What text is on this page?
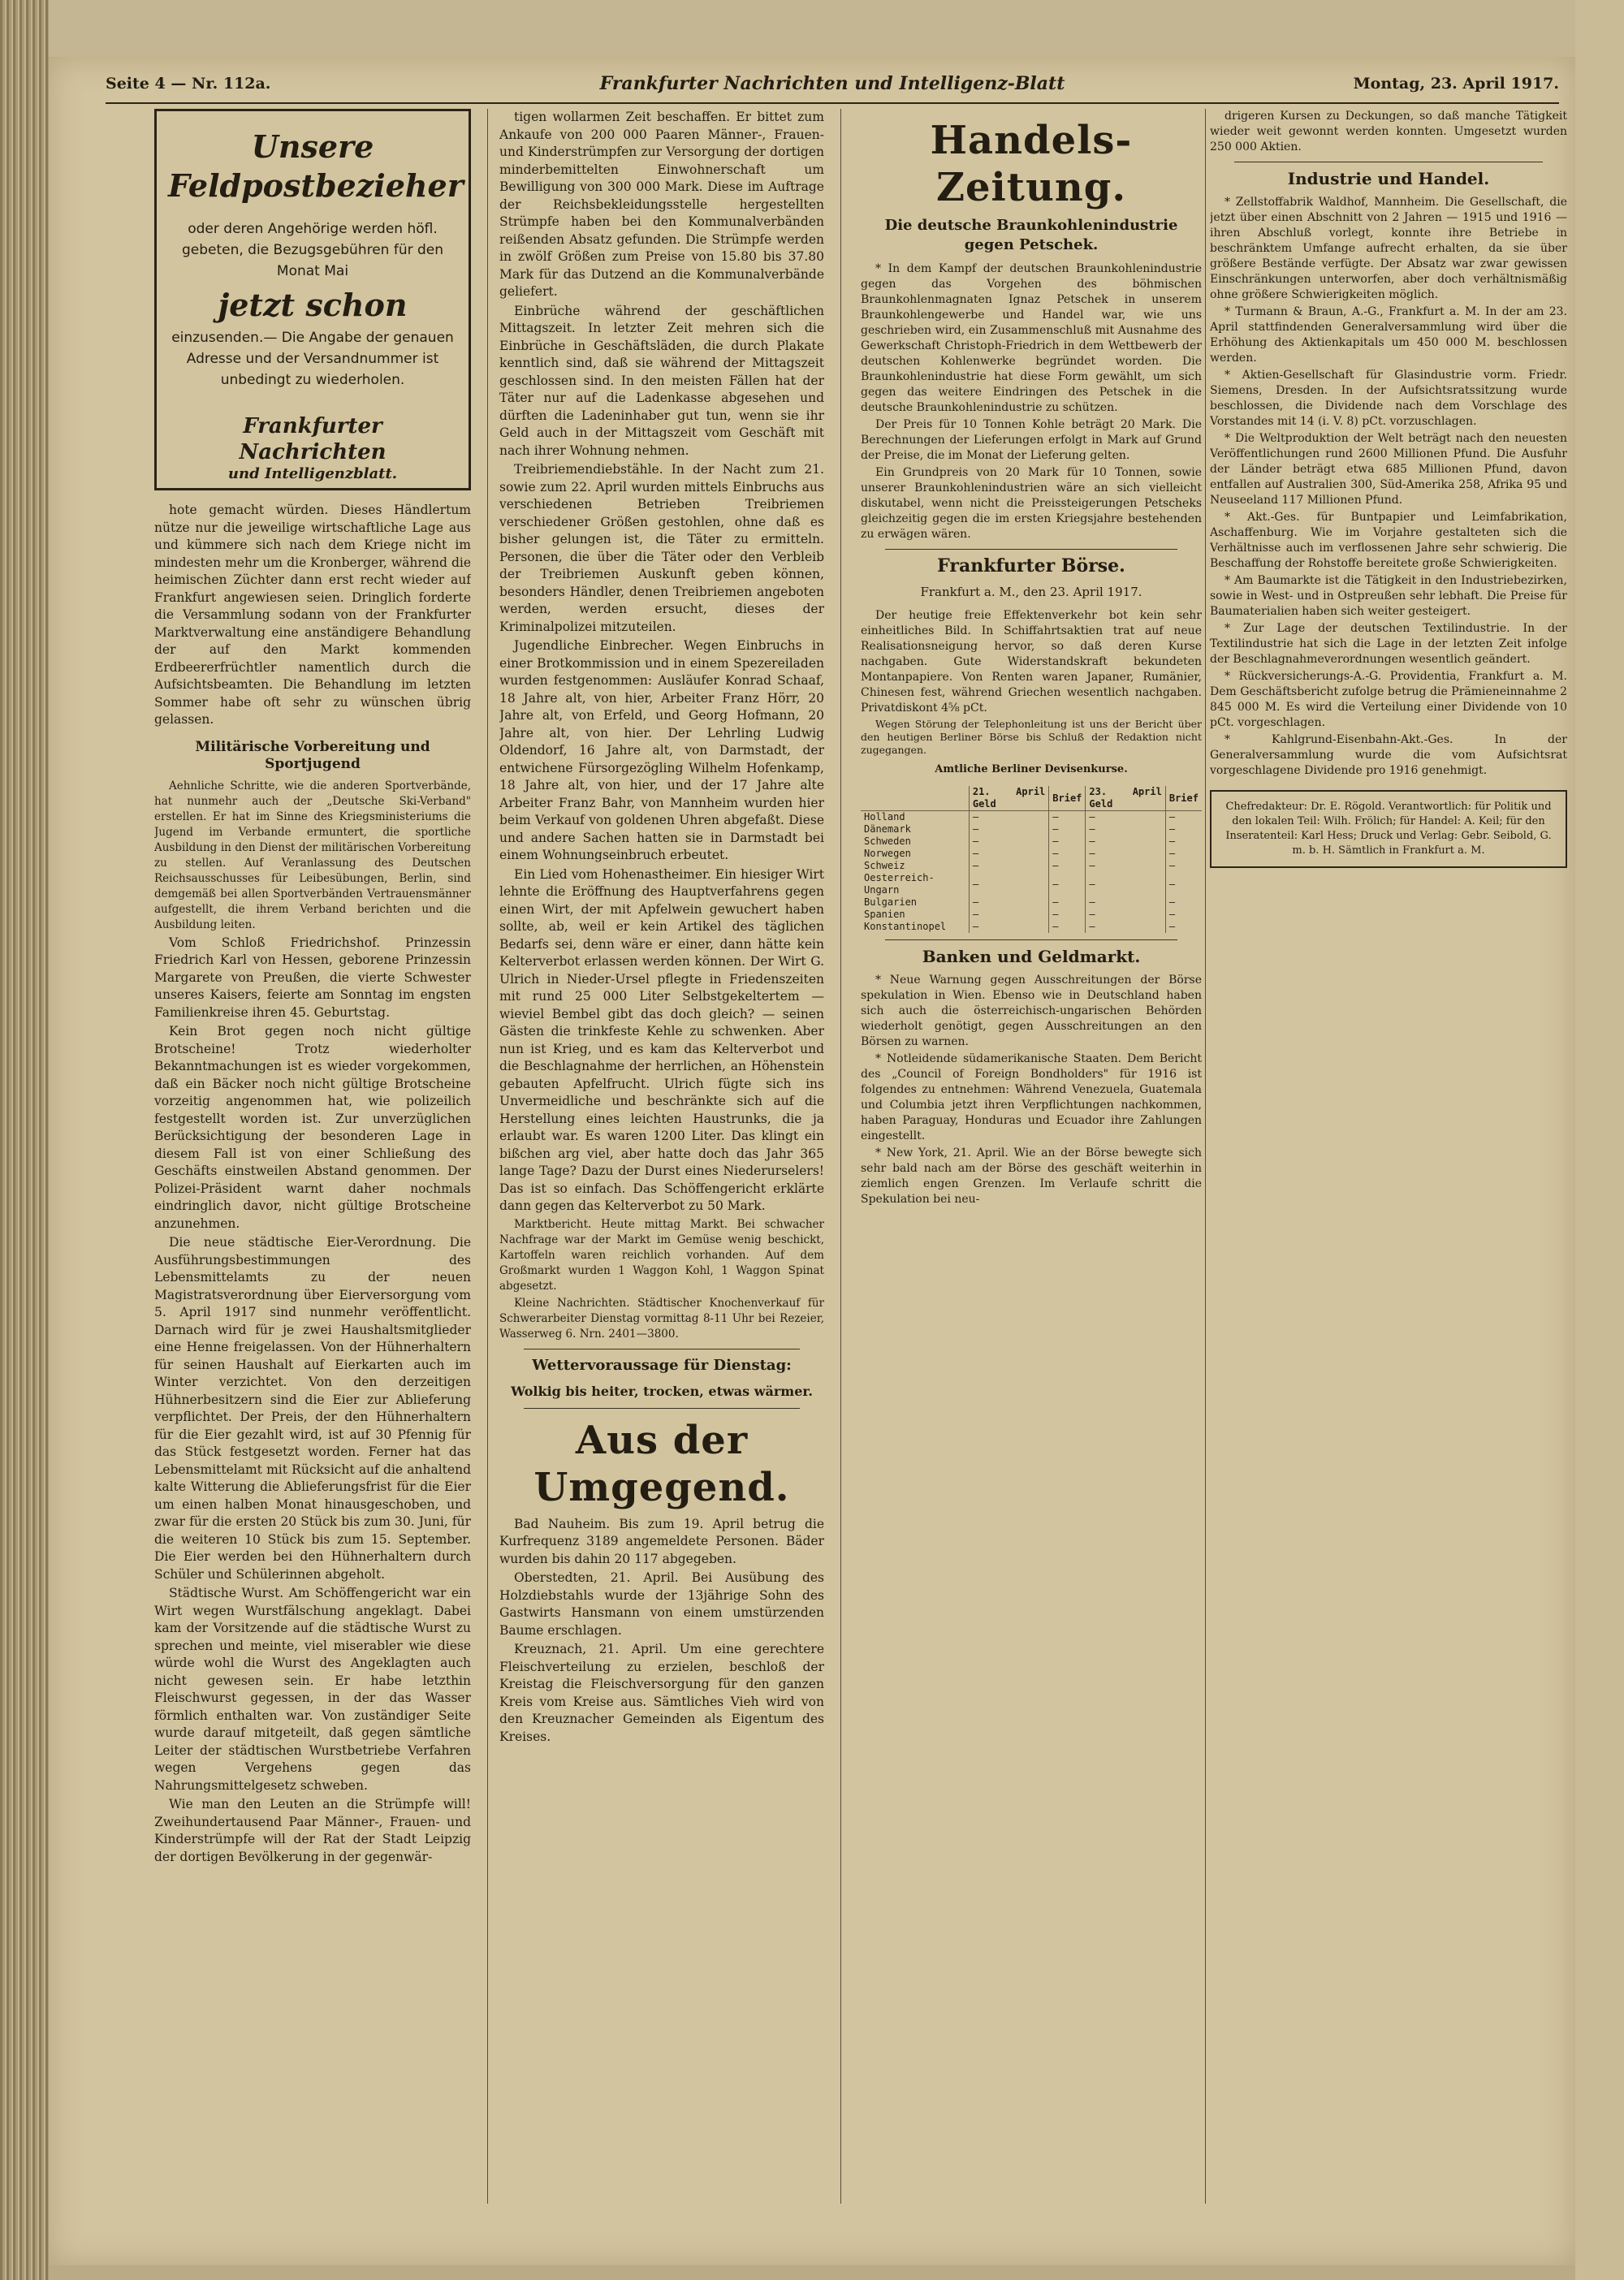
Seite 4 — Nr. 112a.	Frankfurter Nachrichten und Intelligenz-Blatt	Montag, 23. April 1917.
Unsere Feldpostbezieher
oder deren Angehörige werden höfl. gebeten, die Bezugsgebühren für den Monat Mai
jetzt schon
einzusenden.— Die Angabe der genauen Adresse und der Versandnummer ist unbedingt zu wiederholen.
Frankfurter Nachrichten
und Intelligenzblatt.

hote gemacht würden. Dieses Händlertum nütze nur die jeweilige wirtschaftliche Lage aus und kümmere sich nach dem Kriege nicht im mindesten mehr um die Kronberger, während die heimischen Züchter dann erst recht wieder auf Frankfurt angewiesen seien. Dringlich forderte die Versammlung sodann von der Frankfurter Marktverwaltung eine anständigere Behandlung der auf den Markt kommenden Erdbeererfrüchtler namentlich durch die Aufsichtsbeamten. Die Behandlung im letzten Sommer habe oft sehr zu wünschen übrig gelassen.

Militärische Vorbereitung und Sportjugend

Aehnliche Schritte, wie die anderen Sportverbände, hat nunmehr auch der „Deutsche Ski-Verband" erstellen. Er hat im Sinne des Kriegsministeriums die Jugend im Verbande ermuntert, die sportliche Ausbildung in den Dienst der militärischen Vorbereitung zu stellen. Auf Veranlassung des Deutschen Reichsausschusses für Leibesübungen, Berlin, sind demgemäß bei allen Sportverbänden Vertrauensmänner aufgestellt, die ihrem Verband berichten und die Ausbildung leiten.

Vom Schloß Friedrichshof. Prinzessin Friedrich Karl von Hessen, geborene Prinzessin Margarete von Preußen, die vierte Schwester unseres Kaisers, feierte am Sonntag im engsten Familienkreise ihren 45. Geburtstag.

Kein Brot gegen noch nicht gültige Brotscheine! Trotz wiederholter Bekanntmachungen ist es wieder vorgekommen, daß ein Bäcker noch nicht gültige Brotscheine vorzeitig angenommen hat, wie polizeilich festgestellt worden ist. Zur unverzüglichen Berücksichtigung der besonderen Lage in diesem Fall ist von einer Schließung des Geschäfts einstweilen Abstand genommen. Der Polizei-Präsident warnt daher nochmals eindringlich davor, nicht gültige Brotscheine anzunehmen.

Die neue städtische Eier-Verordnung. Die Ausführungsbestimmungen des Lebensmittelamts zu der neuen Magistratsverordnung über Eierversorgung vom 5. April 1917 sind nunmehr veröffentlicht. Darnach wird für je zwei Haushaltsmitglieder eine Henne freigelassen. Von der Hühnerhaltern für seinen Haushalt auf Eierkarten auch im Winter verzichtet. Von den derzeitigen Hühnerbesitzern sind die Eier zur Ablieferung verpflichtet. Der Preis, der den Hühnerhaltern für die Eier gezahlt wird, ist auf 30 Pfennig für das Stück festgesetzt worden. Ferner hat das Lebensmittelamt mit Rücksicht auf die anhaltend kalte Witterung die Ablieferungsfrist für die Eier um einen halben Monat hinausgeschoben, und zwar für die ersten 20 Stück bis zum 30. Juni, für die weiteren 10 Stück bis zum 15. September. Die Eier werden bei den Hühnerhaltern durch Schüler und Schülerinnen abgeholt.

Städtische Wurst. Am Schöffengericht war ein Wirt wegen Wurstfälschung angeklagt. Dabei kam der Vorsitzende auf die städtische Wurst zu sprechen und meinte, viel miserabler wie diese würde wohl die Wurst des Angeklagten auch nicht gewesen sein. Er habe letzthin Fleischwurst gegessen, in der das Wasser förmlich enthalten war. Von zuständiger Seite wurde darauf mitgeteilt, daß gegen sämtliche Leiter der städtischen Wurstbetriebe Verfahren wegen Vergehens gegen das Nahrungsmittelgesetz schweben.

Wie man den Leuten an die Strümpfe will! Zweihundertausend Paar Männer-, Frauen- und Kinderstrümpfe will der Rat der Stadt Leipzig der dortigen Bevölkerung in der gegenwär-

tigen wollarmen Zeit beschaffen. Er bittet zum Ankaufe von 200 000 Paaren Männer-, Frauen- und Kinderstrümpfen zur Versorgung der dortigen minderbemittelten Einwohnerschaft um Bewilligung von 300 000 Mark. Diese im Auftrage der Reichsbekleidungsstelle hergestellten Strümpfe haben bei den Kommunalverbänden reißenden Absatz gefunden. Die Strümpfe werden in zwölf Größen zum Preise von 15.80 bis 37.80 Mark für das Dutzend an die Kommunalverbände geliefert.

Einbrüche während der geschäftlichen Mittagszeit. In letzter Zeit mehren sich die Einbrüche in Geschäftsläden, die durch Plakate kenntlich sind, daß sie während der Mittagszeit geschlossen sind. In den meisten Fällen hat der Täter nur auf die Ladenkasse abgesehen und dürften die Ladeninhaber gut tun, wenn sie ihr Geld auch in der Mittagszeit vom Geschäft mit nach ihrer Wohnung nehmen.

Treibriemendiebstähle. In der Nacht zum 21. sowie zum 22. April wurden mittels Einbruchs aus verschiedenen Betrieben Treibriemen verschiedener Größen gestohlen, ohne daß es bisher gelungen ist, die Täter zu ermitteln. Personen, die über die Täter oder den Verbleib der Treibriemen Auskunft geben können, besonders Händler, denen Treibriemen angeboten werden, werden ersucht, dieses der Kriminalpolizei mitzuteilen.

Jugendliche Einbrecher. Wegen Einbruchs in einer Brotkommission und in einem Spezereiladen wurden festgenommen: Ausläufer Konrad Schaaf, 18 Jahre alt, von hier, Arbeiter Franz Hörr, 20 Jahre alt, von Erfeld, und Georg Hofmann, 20 Jahre alt, von hier. Der Lehrling Ludwig Oldendorf, 16 Jahre alt, von Darmstadt, der entwichene Fürsorgezögling Wilhelm Hofenkamp, 18 Jahre alt, von hier, und der 17 Jahre alte Arbeiter Franz Bahr, von Mannheim wurden hier beim Verkauf von goldenen Uhren abgefaßt. Diese und andere Sachen hatten sie in Darmstadt bei einem Wohnungseinbruch erbeutet.

Ein Lied vom Hohenastheimer. Ein hiesiger Wirt lehnte die Eröffnung des Hauptverfahrens gegen einen Wirt, der mit Apfelwein gewuchert haben sollte, ab, weil er kein Artikel des täglichen Bedarfs sei, denn wäre er einer, dann hätte kein Kelterverbot erlassen werden können. Der Wirt G. Ulrich in Nieder-Ursel pflegte in Friedenszeiten mit rund 25 000 Liter Selbstgekeltertem — wieviel Bembel gibt das doch gleich? — seinen Gästen die trinkfeste Kehle zu schwenken. Aber nun ist Krieg, und es kam das Kelterverbot und die Beschlagnahme der herrlichen, an Höhenstein gebauten Apfelfrucht. Ulrich fügte sich ins Unvermeidliche und beschränkte sich auf die Herstellung eines leichten Haustrunks, die ja erlaubt war. Es waren 1200 Liter. Das klingt ein bißchen arg viel, aber hatte doch das Jahr 365 lange Tage? Dazu der Durst eines Niederurselers! Das ist so einfach. Das Schöffengericht erklärte dann gegen das Kelterverbot zu 50 Mark.

Marktbericht. Heute mittag Markt. Bei schwacher Nachfrage war der Markt im Gemüse wenig beschickt, Kartoffeln waren reichlich vorhanden. Auf dem Großmarkt wurden 1 Waggon Kohl, 1 Waggon Spinat abgesetzt.

Kleine Nachrichten. Städtischer Knochenverkauf für Schwerarbeiter Dienstag vormittag 8-11 Uhr bei Rezeier, Wasserweg 6. Nrn. 2401—3800.

Wettervoraussage für Dienstag:
Wolkig bis heiter, trocken, etwas wärmer.
Aus der Umgegend.

Bad Nauheim. Bis zum 19. April betrug die Kurfrequenz 3189 angemeldete Personen. Bäder wurden bis dahin 20 117 abgegeben.

Oberstedten, 21. April. Bei Ausübung des Holzdiebstahls wurde der 13jährige Sohn des Gastwirts Hansmann von einem umstürzenden Baume erschlagen.

Kreuznach, 21. April. Um eine gerechtere Fleischverteilung zu erzielen, beschloß der Kreistag die Fleischversorgung für den ganzen Kreis vom Kreise aus. Sämtliches Vieh wird von den Kreuznacher Gemeinden als Eigentum des Kreises.

Handels-Zeitung.
Die deutsche Braunkohlenindustrie gegen Petschek.

* In dem Kampf der deutschen Braunkohlenindustrie gegen das Vorgehen des böhmischen Braunkohlenmagnaten Ignaz Petschek in unserem Braunkohlengewerbe und Handel war, wie uns geschrieben wird, ein Zusammenschluß mit Ausnahme des Gewerkschaft Christoph-Friedrich in dem Wettbewerb der deutschen Kohlenwerke begründet worden. Die Braunkohlenindustrie hat diese Form gewählt, um sich gegen das weitere Eindringen des Petschek in die deutsche Braunkohlenindustrie zu schützen.

Der Preis für 10 Tonnen Kohle beträgt 20 Mark. Die Berechnungen der Lieferungen erfolgt in Mark auf Grund der Preise, die im Monat der Lieferung gelten.

Ein Grundpreis von 20 Mark für 10 Tonnen, sowie unserer Braunkohlenindustrien wäre an sich vielleicht diskutabel, wenn nicht die Preissteigerungen Petscheks gleichzeitig gegen die im ersten Kriegsjahre bestehenden zu erwägen wären.

Frankfurter Börse.
Frankfurt a. M., den 23. April 1917.

Der heutige freie Effektenverkehr bot kein sehr einheitliches Bild. In Schiffahrtsaktien trat auf neue Realisationsneigung hervor, so daß deren Kurse nachgaben. Gute Widerstandskraft bekundeten Montanpapiere. Von Renten waren Japaner, Rumänier, Chinesen fest, während Griechen wesentlich nachgaben. Privatdiskont 4⅝ pCt.

Wegen Störung der Telephonleitung ist uns der Bericht über den heutigen Berliner Börse bis Schluß der Redaktion nicht zugegangen.

Amtliche Berliner Devisenkurse.
	21. April Geld	Brief	23. April Geld	Brief
Holland	—	—	—	—
Dänemark	—	—	—	—
Schweden	—	—	—	—
Norwegen	—	—	—	—
Schweiz	—	—	—	—
Oesterreich-Ungarn	—	—	—	—
Bulgarien	—	—	—	—
Spanien	—	—	—	—
Konstantinopel	—	—	—	—
Banken und Geldmarkt.

* Neue Warnung gegen Ausschreitungen der Börse spekulation in Wien. Ebenso wie in Deutschland haben sich auch die österreichisch-ungarischen Behörden wiederholt genötigt, gegen Ausschreitungen an den Börsen zu warnen.

* Notleidende südamerikanische Staaten. Dem Bericht des „Council of Foreign Bondholders" für 1916 ist folgendes zu entnehmen: Während Venezuela, Guatemala und Columbia jetzt ihren Verpflichtungen nachkommen, haben Paraguay, Honduras und Ecuador ihre Zahlungen eingestellt.

* New York, 21. April. Wie an der Börse bewegte sich sehr bald nach am der Börse des geschäft weiterhin in ziemlich engen Grenzen. Im Verlaufe schritt die Spekulation bei neu-

drigeren Kursen zu Deckungen, so daß manche Tätigkeit wieder weit gewonnt werden konnten. Umgesetzt wurden 250 000 Aktien.

Industrie und Handel.

* Zellstoffabrik Waldhof, Mannheim. Die Gesellschaft, die jetzt über einen Abschnitt von 2 Jahren — 1915 und 1916 — ihren Abschluß vorlegt, konnte ihre Betriebe in beschränktem Umfange aufrecht erhalten, da sie über größere Bestände verfügte. Der Absatz war zwar gewissen Einschränkungen unterworfen, aber doch verhältnismäßig ohne größere Schwierigkeiten möglich.

* Turmann & Braun, A.-G., Frankfurt a. M. In der am 23. April stattfindenden Generalversammlung wird über die Erhöhung des Aktienkapitals um 450 000 M. beschlossen werden.

* Aktien-Gesellschaft für Glasindustrie vorm. Friedr. Siemens, Dresden. In der Aufsichtsratssitzung wurde beschlossen, die Dividende nach dem Vorschlage des Vorstandes mit 14 (i. V. 8) pCt. vorzuschlagen.

* Die Weltproduktion der Welt beträgt nach den neuesten Veröffentlichungen rund 2600 Millionen Pfund. Die Ausfuhr der Länder beträgt etwa 685 Millionen Pfund, davon entfallen auf Australien 300, Süd-Amerika 258, Afrika 95 und Neuseeland 117 Millionen Pfund.

* Akt.-Ges. für Buntpapier und Leimfabrikation, Aschaffenburg. Wie im Vorjahre gestalteten sich die Verhältnisse auch im verflossenen Jahre sehr schwierig. Die Beschaffung der Rohstoffe bereitete große Schwierigkeiten.

* Am Baumarkte ist die Tätigkeit in den Industriebezirken, sowie in West- und in Ostpreußen sehr lebhaft. Die Preise für Baumaterialien haben sich weiter gesteigert.

* Zur Lage der deutschen Textilindustrie. In der Textilindustrie hat sich die Lage in der letzten Zeit infolge der Beschlagnahmeverordnungen wesentlich geändert.

* Rückversicherungs-A.-G. Providentia, Frankfurt a. M. Dem Geschäftsbericht zufolge betrug die Prämieneinnahme 2 845 000 M. Es wird die Verteilung einer Dividende von 10 pCt. vorgeschlagen.

* Kahlgrund-Eisenbahn-Akt.-Ges. In der Generalversammlung wurde die vom Aufsichtsrat vorgeschlagene Dividende pro 1916 genehmigt.

Chefredakteur: Dr. E. Rögold. Verantwortlich: für Politik und den lokalen Teil: Wilh. Frölich; für Handel: A. Keil; für den Inseratenteil: Karl Hess; Druck und Verlag: Gebr. Seibold, G. m. b. H. Sämtlich in Frankfurt a. M.
